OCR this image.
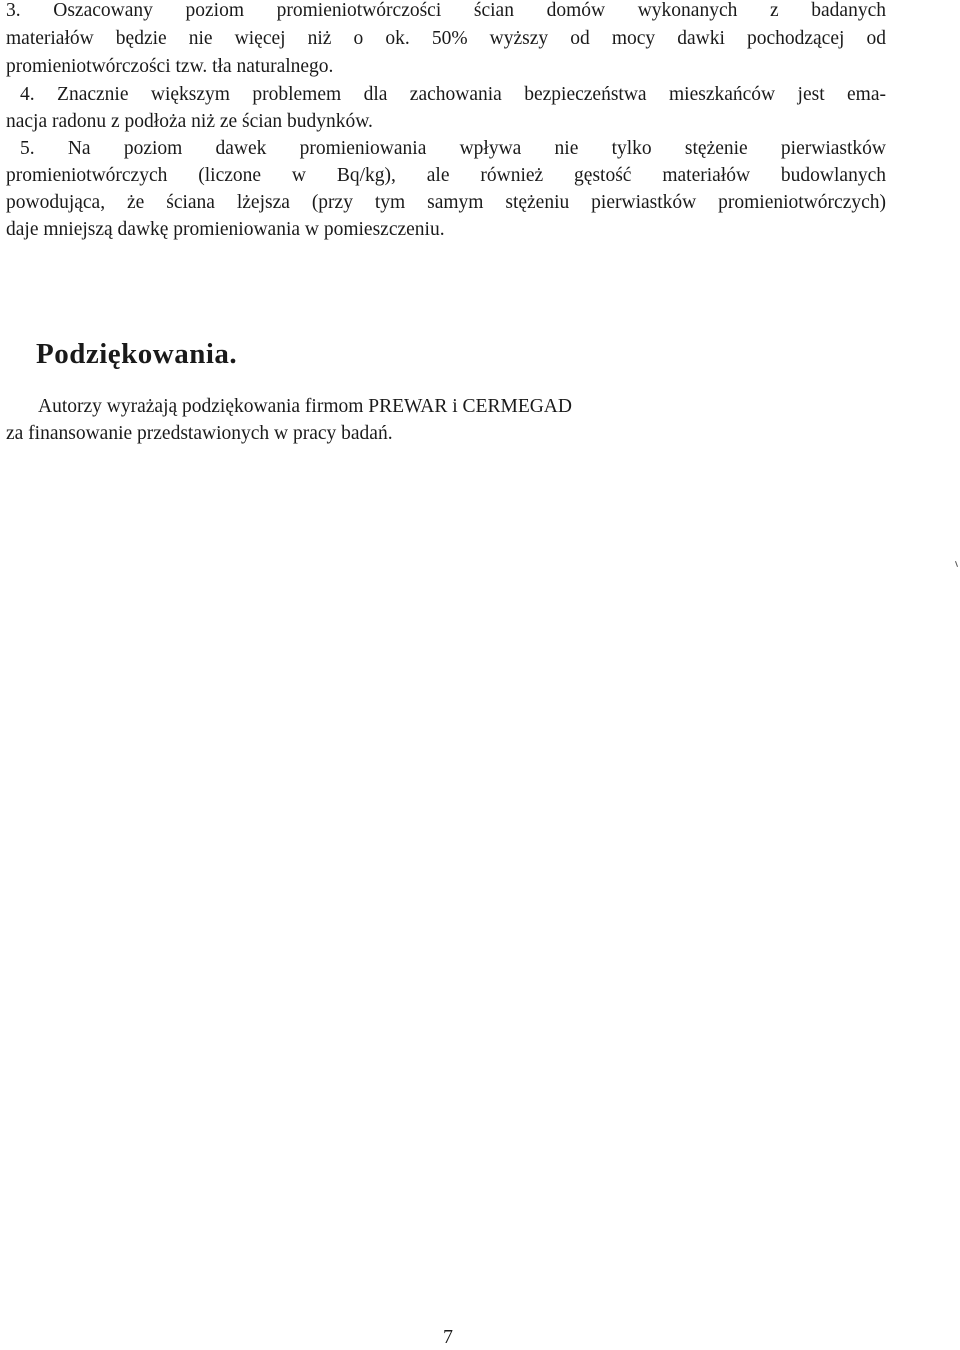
3. Oszacowany poziom promieniotwórczości ścian domów wykonanych z badanych
materiałów będzie nie więcej niż o ok. 50% wyższy od mocy dawki pochodzącej od
promieniotwórczości tzw. tła naturalnego.
4. Znacznie większym problemem dla zachowania bezpieczeństwa mieszkańców jest ema-
nacja radonu z podłoża niż ze ścian budynków.
5. Na poziom dawek promieniowania wpływa nie tylko stężenie pierwiastków
promieniotwórczych (liczone w Bq/kg), ale również gęstość materiałów budowlanych
powodująca, że ściana lżejsza (przy tym samym stężeniu pierwiastków promieniotwórczych)
daje mniejszą dawkę promieniowania w pomieszczeniu.
Podziękowania.
Autorzy wyrażają podziękowania firmom PREWAR i CERMEGAD
za finansowanie przedstawionych w pracy badań.
7
